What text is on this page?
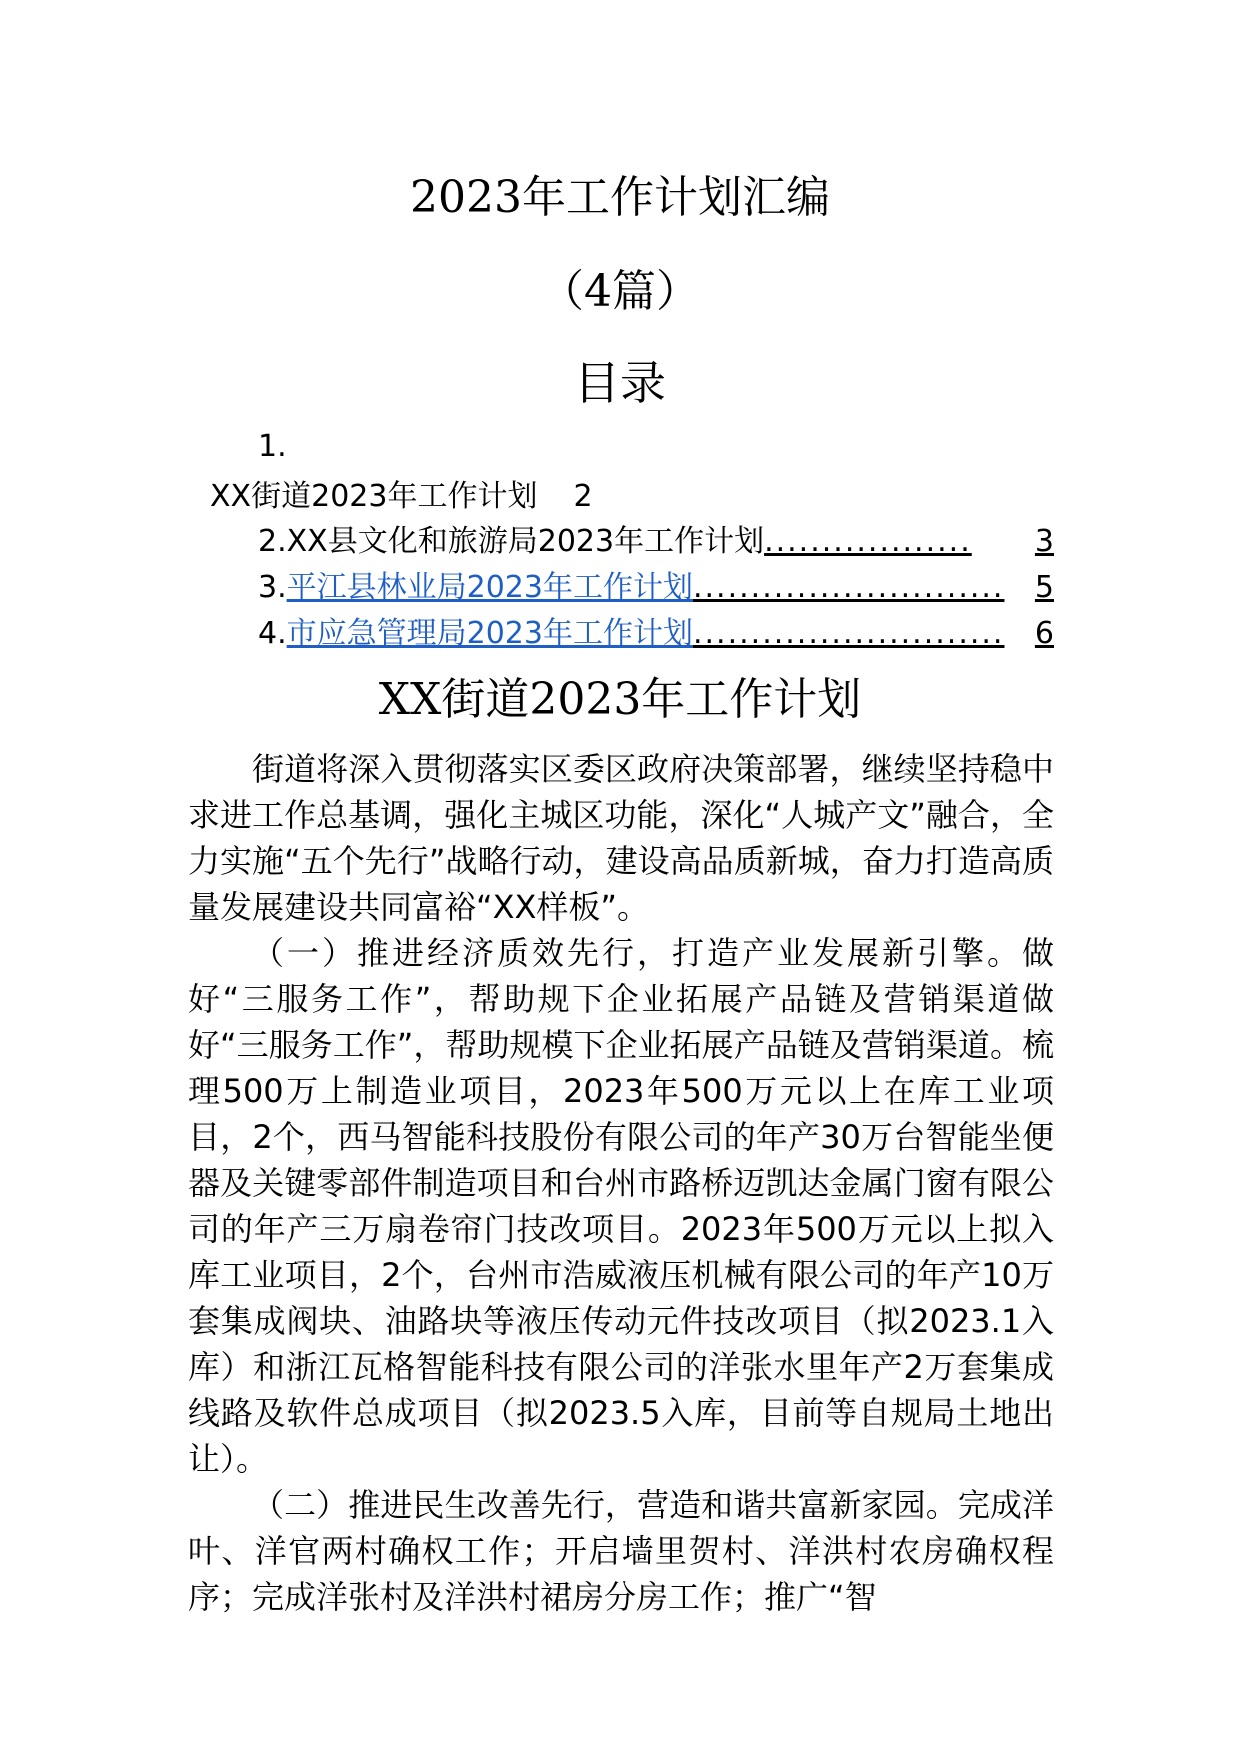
2023年工作计划汇编
（4篇）
目录
1.
XX街道2023年工作计划 2
2. XX县文化和旅游局2023年工作计划 ..................	3
3. 平江县林业局2023年工作计划 ...........................	5
4. 市应急管理局2023年工作计划 ...........................	6
XX街道2023年工作计划

街道将深入贯彻落实区委区政府决策部署，继续坚持稳中求进工作总基调，强化主城区功能，深化“人城产文”融合，全力实施“五个先行”战略行动，建设高品质新城，奋力打造高质量发展建设共同富裕“XX样板”。

（一）推进经济质效先行，打造产业发展新引擎。做好“三服务工作”，帮助规下企业拓展产品链及营销渠道做好“三服务工作”，帮助规模下企业拓展产品链及营销渠道。梳理500万上制造业项目，2023年500万元以上在库工业项目，2个，西马智能科技股份有限公司的年产30万台智能坐便器及关键零部件制造项目和台州市路桥迈凯达金属门窗有限公司的年产三万扇卷帘门技改项目。2023年500万元以上拟入库工业项目，2个，台州市浩威液压机械有限公司的年产10万套集成阀块、油路块等液压传动元件技改项目（拟2023.1入库）和浙江瓦格智能科技有限公司的洋张水里年产2万套集成线路及软件总成项目（拟2023.5入库，目前等自规局土地出让）。

（二）推进民生改善先行，营造和谐共富新家园。完成洋叶、洋官两村确权工作；开启墙里贺村、洋洪村农房确权程序；完成洋张村及洋洪村裙房分房工作；推广“智
